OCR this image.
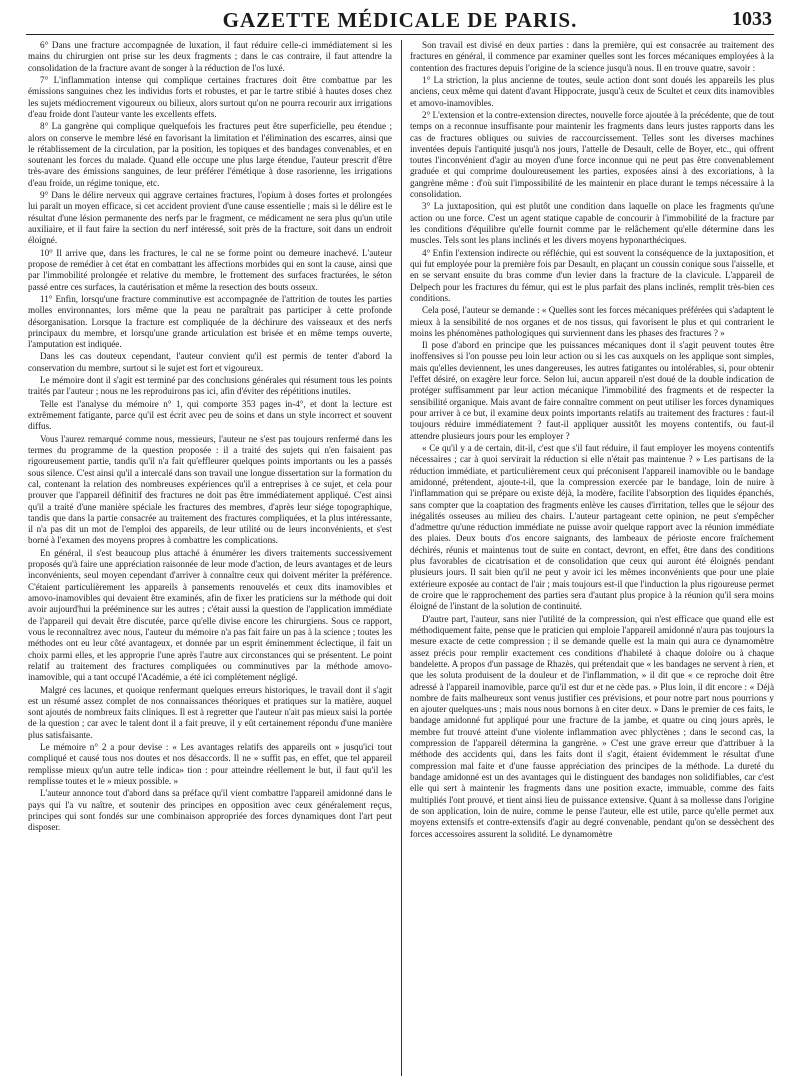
GAZETTE MÉDICALE DE PARIS.	1033

6° Dans une fracture accompagnée de luxation, il faut réduire celle-ci immédiatement si les mains du chirurgien ont prise sur les deux fragments ; dans le cas contraire, il faut attendre la consolidation de la fracture avant de songer à la réduction de l'os luxé.

7° L'inflammation intense qui complique certaines fractures doit être combattue par les émissions sanguines chez les individus forts et robustes, et par le tartre stibié à hautes doses chez les sujets médiocrement vigoureux ou bilieux, alors surtout qu'on ne pourra recourir aux irrigations d'eau froide dont l'auteur vante les excellents effets.

8° La gangrène qui complique quelquefois les fractures peut être superficielle, peu étendue ; alors on conserve le membre lésé en favorisant la limitation et l'élimination des escarres, ainsi que le rétablissement de la circulation, par la position, les topiques et des bandages convenables, et en soutenant les forces du malade. Quand elle occupe une plus large étendue, l'auteur prescrit d'être très-avare des émissions sanguines, de leur préférer l'émétique à dose rasorienne, les irrigations d'eau froide, un régime tonique, etc.

9° Dans le délire nerveux qui aggrave certaines fractures, l'opium à doses fortes et prolongées lui paraît un moyen efficace, si cet accident provient d'une cause essentielle ; mais si le délire est le résultat d'une lésion permanente des nerfs par le fragment, ce médicament ne sera plus qu'un utile auxiliaire, et il faut faire la section du nerf intéressé, soit près de la fracture, soit dans un endroit éloigné.

10° Il arrive que, dans les fractures, le cal ne se forme point ou demeure inachevé. L'auteur propose de remédier à cet état en combattant les affections morbides qui en sont la cause, ainsi que par l'immobilité prolongée et relative du membre, le frottement des surfaces fracturées, le séton passé entre ces surfaces, la cautérisation et même la resection des bouts osseux.

11° Enfin, lorsqu'une fracture comminutive est accompagnée de l'attrition de toutes les parties molles environnantes, lors même que la peau ne paraîtrait pas participer à cette profonde désorganisation. Lorsque la fracture est compliquée de la déchirure des vaisseaux et des nerfs principaux du membre, et lorsqu'une grande articulation est brisée et en même temps ouverte, l'amputation est indiquée.

Dans les cas douteux cependant, l'auteur convient qu'il est permis de tenter d'abord la conservation du membre, surtout si le sujet est fort et vigoureux.

Le mémoire dont il s'agit est terminé par des conclusions générales qui résument tous les points traités par l'auteur ; nous ne les reproduirons pas ici, afin d'éviter des répétitions inutiles.

Telle est l'analyse du mémoire n° 1, qui comporte 353 pages in-4°, et dont la lecture est extrêmement fatigante, parce qu'il est écrit avec peu de soins et dans un style incorrect et souvent diffus.

Vous l'aurez remarqué comme nous, messieurs, l'auteur ne s'est pas toujours renfermé dans les termes du programme de la question proposée : il a traité des sujets qui n'en faisaient pas rigoureusement partie, tandis qu'il n'a fait qu'effleurer quelques points importants ou les a passés sous silence. C'est ainsi qu'il a intercalé dans son travail une longue dissertation sur la formation du cal, contenant la relation des nombreuses expériences qu'il a entreprises à ce sujet, et cela pour prouver que l'appareil définitif des fractures ne doit pas être immédiatement appliqué. C'est ainsi qu'il a traité d'une manière spéciale les fractures des membres, d'après leur siége topographique, tandis que dans la partie consacrée au traitement des fractures compliquées, et la plus intéressante, il n'a pas dit un mot de l'emploi des appareils, de leur utilité ou de leurs inconvénients, et s'est borné à l'examen des moyens propres à combattre les complications.

En général, il s'est beaucoup plus attaché à énumérer les divers traitements successivement proposés qu'à faire une appréciation raisonnée de leur mode d'action, de leurs avantages et de leurs inconvénients, seul moyen cependant d'arriver à connaître ceux qui doivent mériter la préférence. C'étaient particulièrement les appareils à pansements renouvelés et ceux dits inamovibles et amovo-inamovibles qui devaient être examinés, afin de fixer les praticiens sur la méthode qui doit avoir aujourd'hui la prééminence sur les autres ; c'était aussi la question de l'application immédiate de l'appareil qui devait être discutée, parce qu'elle divise encore les chirurgiens. Sous ce rapport, vous le reconnaîtrez avec nous, l'auteur du mémoire n'a pas fait faire un pas à la science ; toutes les méthodes ont eu leur côté avantageux, et donnée par un esprit éminemment éclectique, il fait un choix parmi elles, et les approprie l'une après l'autre aux circonstances qui se présentent. Le point relatif au traitement des fractures compliquées ou comminutives par la méthode amovo-inamovible, qui a tant occupé l'Académie, a été ici complétement négligé.

Malgré ces lacunes, et quoique renfermant quelques erreurs historiques, le travail dont il s'agit est un résumé assez complet de nos connaissances théoriques et pratiques sur la matière, auquel sont ajoutés de nombreux faits cliniques. Il est à regretter que l'auteur n'ait pas mieux saisi la portée de la question ; car avec le talent dont il a fait preuve, il y eût certainement répondu d'une manière plus satisfaisante.

Le mémoire n° 2 a pour devise : « Les avantages relatifs des appareils ont » jusqu'ici tout compliqué et causé tous nos doutes et nos désaccords. Il ne » suffit pas, en effet, que tel appareil remplisse mieux qu'un autre telle indica» tion : pour atteindre réellement le but, il faut qu'il les remplisse toutes et le » mieux possible. »

L'auteur annonce tout d'abord dans sa préface qu'il vient combattre l'appareil amidonné dans le pays qui l'a vu naître, et soutenir des principes en opposition avec ceux généralement reçus, principes qui sont fondés sur une combinaison appropriée des forces dynamiques dont l'art peut disposer.

Son travail est divisé en deux parties : dans la première, qui est consacrée au traitement des fractures en général, il commence par examiner quelles sont les forces mécaniques employées à la contention des fractures depuis l'origine de la science jusqu'à nous. Il en trouve quatre, savoir :

1° La striction, la plus ancienne de toutes, seule action dont sont doués les appareils les plus anciens, ceux même qui datent d'avant Hippocrate, jusqu'à ceux de Scultet et ceux dits inamovibles et amovo-inamovibles.

2° L'extension et la contre-extension directes, nouvelle force ajoutée à la précédente, que de tout temps on a reconnue insuffisante pour maintenir les fragments dans leurs justes rapports dans les cas de fractures obliques ou suivies de raccourcissement. Telles sont les diverses machines inventées depuis l'antiquité jusqu'à nos jours, l'attelle de Desault, celle de Boyer, etc., qui offrent toutes l'inconvénient d'agir au moyen d'une force inconnue qui ne peut pas être convenablement graduée et qui comprime douloureusement les parties, exposées ainsi à des excoriations, à la gangrène même : d'où suit l'impossibilité de les maintenir en place durant le temps nécessaire à la consolidation.

3° La juxtaposition, qui est plutôt une condition dans laquelle on place les fragments qu'une action ou une force. C'est un agent statique capable de concourir à l'immobilité de la fracture par les conditions d'équilibre qu'elle fournit comme par le relâchement qu'elle détermine dans les muscles. Tels sont les plans inclinés et les divers moyens hyponarthéciques.

4° Enfin l'extension indirecte ou réfléchie, qui est souvent la conséquence de la juxtaposition, et qui fut employée pour la première fois par Desault, en plaçant un coussin conique sous l'aisselle, et en se servant ensuite du bras comme d'un levier dans la fracture de la clavicule. L'appareil de Delpech pour les fractures du fémur, qui est le plus parfait des plans inclinés, remplit très-bien ces conditions.

Cela posé, l'auteur se demande : « Quelles sont les forces mécaniques préférées qui s'adaptent le mieux à la sensibilité de nos organes et de nos tissus, qui favorisent le plus et qui contrarient le moins les phénomènes pathologiques qui surviennent dans les phases des fractures ? »

Il pose d'abord en principe que les puissances mécaniques dont il s'agit peuvent toutes être inoffensives si l'on pousse peu loin leur action ou si les cas auxquels on les applique sont simples, mais qu'elles deviennent, les unes dangereuses, les autres fatigantes ou intolérables, si, pour obtenir l'effet désiré, on exagère leur force. Selon lui, aucun appareil n'est doué de la double indication de protéger suffisamment par leur action mécanique l'immobilité des fragments et de respecter la sensibilité organique. Mais avant de faire connaître comment on peut utiliser les forces dynamiques pour arriver à ce but, il examine deux points importants relatifs au traitement des fractures : faut-il toujours réduire immédiatement ? faut-il appliquer aussitôt les moyens contentifs, ou faut-il attendre plusieurs jours pour les employer ?

« Ce qu'il y a de certain, dit-il, c'est que s'il faut réduire, il faut employer les moyens contentifs nécessaires ; car à quoi servirait la réduction si elle n'était pas maintenue ? » Les partisans de la réduction immédiate, et particulièrement ceux qui préconisent l'appareil inamovible ou le bandage amidonné, prétendent, ajoute-t-il, que la compression exercée par le bandage, loin de nuire à l'inflammation qui se prépare ou existe déjà, la modère, facilite l'absorption des liquides épanchés, sans compter que la coaptation des fragments enlève les causes d'irritation, telles que le séjour des inégalités osseuses au milieu des chairs. L'auteur partageant cette opinion, ne peut s'empêcher d'admettre qu'une réduction immédiate ne puisse avoir quelque rapport avec la réunion immédiate des plaies. Deux bouts d'os encore saignants, des lambeaux de périoste encore fraîchement déchirés, réunis et maintenus tout de suite en contact, devront, en effet, être dans des conditions plus favorables de cicatrisation et de consolidation que ceux qui auront été éloignés pendant plusieurs jours. Il sait bien qu'il ne peut y avoir ici les mêmes inconvénients que pour une plaie extérieure exposée au contact de l'air ; mais toujours est-il que l'induction la plus rigoureuse permet de croire que le rapprochement des parties sera d'autant plus propice à la réunion qu'il sera moins éloigné de l'instant de la solution de continuité.

D'autre part, l'auteur, sans nier l'utilité de la compression, qui n'est efficace que quand elle est méthodiquement faite, pense que le praticien qui emploie l'appareil amidonné n'aura pas toujours la mesure exacte de cette compression ; il se demande quelle est la main qui aura ce dynamomètre assez précis pour remplir exactement ces conditions d'habileté à chaque doloire ou à chaque bandelette. A propos d'un passage de Rhazès, qui prétendait que « les bandages ne servent à rien, et que les soluta produisent de la douleur et de l'inflammation, » il dit que « ce reproche doit être adressé à l'appareil inamovible, parce qu'il est dur et ne cède pas. » Plus loin, il dit encore : « Déjà nombre de faits malheureux sont venus justifier ces prévisions, et pour notre part nous pourrions y en ajouter quelques-uns ; mais nous nous bornons à en citer deux. » Dans le premier de ces faits, le bandage amidonné fut appliqué pour une fracture de la jambe, et quatre ou cinq jours après, le membre fut trouvé atteint d'une violente inflammation avec phlyctènes ; dans le second cas, la compression de l'appareil détermina la gangrène. » C'est une grave erreur que d'attribuer à la méthode des accidents qui, dans les faits dont il s'agit, étaient évidemment le résultat d'une compression mal faite et d'une fausse appréciation des principes de la méthode. La dureté du bandage amidonné est un des avantages qui le distinguent des bandages non solidifiables, car c'est elle qui sert à maintenir les fragments dans une position exacte, immuable, comme des faits multipliés l'ont prouvé, et tient ainsi lieu de puissance extensive. Quant à sa mollesse dans l'origine de son application, loin de nuire, comme le pense l'auteur, elle est utile, parce qu'elle permet aux moyens extensifs et contre-extensifs d'agir au degré convenable, pendant qu'on se dessèchent des forces accessoires assurent la solidité. Le dynamomètre
